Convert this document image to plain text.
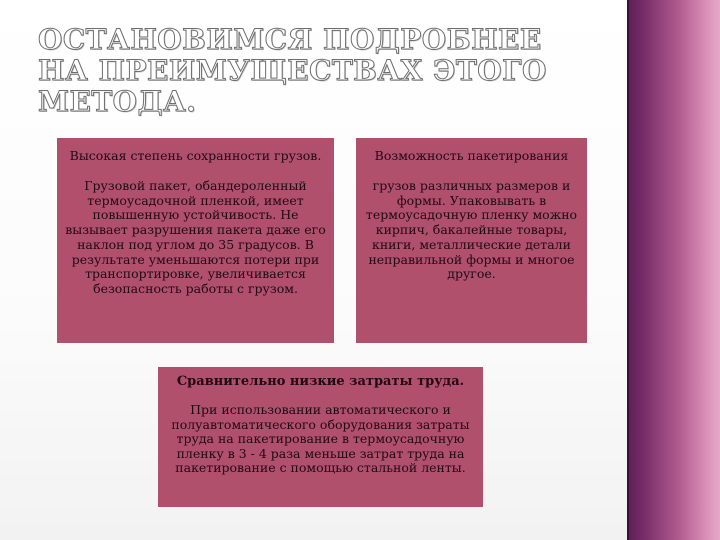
ОСТАНОВИМСЯ ПОДРОБНЕЕ НА ПРЕИМУЩЕСТВАХ ЭТОГО МЕТОДА.
Высокая степень сохранности грузов.
Грузовой пакет, обандероленный термоусадочной пленкой, имеет повышенную устойчивость. Не вызывает разрушения пакета даже его наклон под углом до 35 градусов. В результате уменьшаются потери при транспортировке, увеличивается безопасность работы с грузом.
Возможность пакетирования
грузов различных размеров и формы. Упаковывать в термоусадочную пленку можно кирпич, бакалейные товары, книги, металлические детали неправильной формы и многое другое.
Сравнительно низкие затраты труда.
При использовании автоматического и полуавтоматического оборудования затраты труда на пакетирование в термоусадочную пленку в 3 - 4 раза меньше затрат труда на пакетирование с помощью стальной ленты.
